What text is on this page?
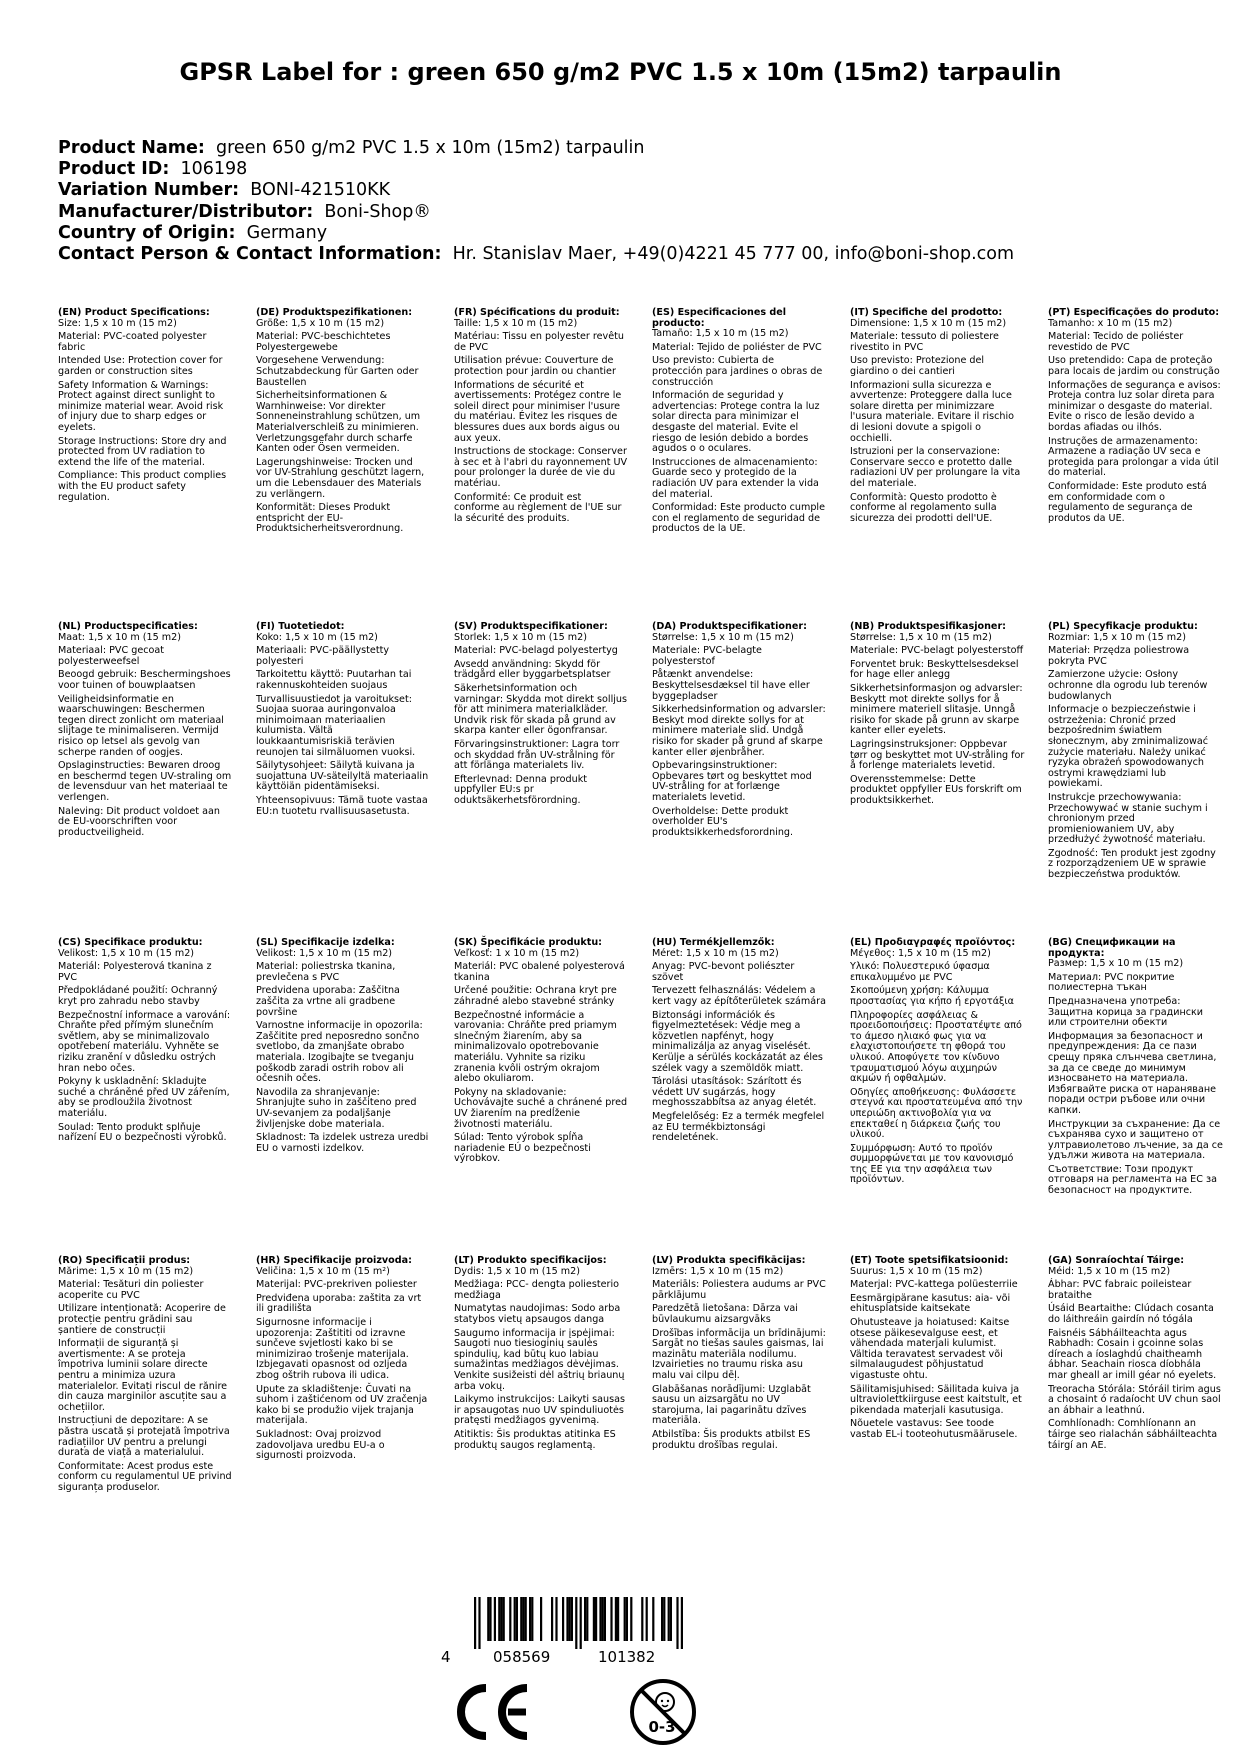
GPSR Label for : green 650 g/m2 PVC 1.5 x 10m (15m2) tarpaulin
Product Name: green 650 g/m2 PVC 1.5 x 10m (15m2) tarpaulin
Product ID: 106198
Variation Number: BONI-421510KK
Manufacturer/Distributor: Boni-Shop®
Country of Origin: Germany
Contact Person & Contact Information: Hr. Stanislav Maer, +49(0)4221 45 777 00, info@boni-shop.com
(EN) Product Specifications:
Size: 1,5 x 10 m (15 m2)
Material: PVC-coated polyester fabric
Intended Use: Protection cover for garden or construction sites
Safety Information & Warnings: Protect against direct sunlight to minimize material wear. Avoid risk of injury due to sharp edges or eyelets.
Storage Instructions: Store dry and protected from UV radiation to extend the life of the material.
Compliance: This product complies with the EU product safety regulation.
(DE) Produktspezifikationen:
Größe: 1,5 x 10 m (15 m2)
Material: PVC-beschichtetes Polyestergewebe
Vorgesehene Verwendung: Schutzabdeckung für Garten oder Baustellen
Sicherheitsinformationen & Warnhinweise: Vor direkter Sonneneinstrahlung schützen, um Materialverschleiß zu minimieren. Verletzungsgefahr durch scharfe Kanten oder Ösen vermeiden.
Lagerungshinweise: Trocken und vor UV-Strahlung geschützt lagern, um die Lebensdauer des Materials zu verlängern.
Konformität: Dieses Produkt entspricht der EU-Produktsicherheitsverordnung.
(FR) Spécifications du produit:
Taille: 1,5 x 10 m (15 m2)
Matériau: Tissu en polyester revêtu de PVC
Utilisation prévue: Couverture de protection pour jardin ou chantier
Informations de sécurité et avertissements: Protégez contre le soleil direct pour minimiser l'usure du matériau. Évitez les risques de blessures dues aux bords aigus ou aux yeux.
Instructions de stockage: Conserver à sec et à l'abri du rayonnement UV pour prolonger la durée de vie du matériau.
Conformité: Ce produit est conforme au règlement de l'UE sur la sécurité des produits.
(ES) Especificaciones del producto:
Tamaño: 1,5 x 10 m (15 m2)
Material: Tejido de poliéster de PVC
Uso previsto: Cubierta de protección para jardines o obras de construcción
Información de seguridad y advertencias: Protege contra la luz solar directa para minimizar el desgaste del material. Evite el riesgo de lesión debido a bordes agudos o o oculares.
Instrucciones de almacenamiento: Guarde seco y protegido de la radiación UV para extender la vida del material.
Conformidad: Este producto cumple con el reglamento de seguridad de productos de la UE.
(IT) Specifiche del prodotto:
Dimensione: 1,5 x 10 m (15 m2)
Materiale: tessuto di poliestere rivestito in PVC
Uso previsto: Protezione del giardino o dei cantieri
Informazioni sulla sicurezza e avvertenze: Proteggere dalla luce solare diretta per minimizzare l'usura materiale. Evitare il rischio di lesioni dovute a spigoli o occhielli.
Istruzioni per la conservazione: Conservare secco e protetto dalle radiazioni UV per prolungare la vita del materiale.
Conformità: Questo prodotto è conforme al regolamento sulla sicurezza dei prodotti dell'UE.
(PT) Especificações do produto:
Tamanho: x 10 m (15 m2)
Material: Tecido de poliéster revestido de PVC
Uso pretendido: Capa de proteção para locais de jardim ou construção
Informações de segurança e avisos: Proteja contra luz solar direta para minimizar o desgaste do material. Evite o risco de lesão devido a bordas afiadas ou ilhós.
Instruções de armazenamento: Armazene a radiação UV seca e protegida para prolongar a vida útil do material.
Conformidade: Este produto está em conformidade com o regulamento de segurança de produtos da UE.
(NL) Productspecificaties:
Maat: 1,5 x 10 m (15 m2)
Materiaal: PVC gecoat polyesterweefsel
Beoogd gebruik: Beschermingshoes voor tuinen of bouwplaatsen
Veiligheidsinformatie en waarschuwingen: Beschermen tegen direct zonlicht om materiaal slijtage te minimaliseren. Vermijd risico op letsel als gevolg van scherpe randen of oogjes.
Opslaginstructies: Bewaren droog en beschermd tegen UV-straling om de levensduur van het materiaal te verlengen.
Naleving: Dit product voldoet aan de EU-voorschriften voor productveiligheid.
(FI) Tuotetiedot:
Koko: 1,5 x 10 m (15 m2)
Materiaali: PVC-päällystetty polyesteri
Tarkoitettu käyttö: Puutarhan tai rakennuskohteiden suojaus
Turvallisuustiedot ja varoitukset: Suojaa suoraa auringonvaloa minimoimaan materiaalien kulumista. Vältä loukkaantumisriskiä terävien reunojen tai silmäluomen vuoksi.
Säilytysohjeet: Säilytä kuivana ja suojattuna UV-säteilyltä materiaalin käyttöiän pidentämiseksi.
Yhteensopivuus: Tämä tuote vastaa EU:n tuotetu rvallisuusasetusta.
(SV) Produktspecifikationer:
Storlek: 1,5 x 10 m (15 m2)
Material: PVC-belagd polyestertyg
Avsedd användning: Skydd för trädgård eller byggarbetsplatser
Säkerhetsinformation och varningar: Skydda mot direkt solljus för att minimera materialkläder. Undvik risk för skada på grund av skarpa kanter eller ögonfransar.
Förvaringsinstruktioner: Lagra torr och skyddad från UV-strålning för att förlänga materialets liv.
Efterlevnad: Denna produkt uppfyller EU:s pr oduktsäkerhetsförordning.
(DA) Produktspecifikationer:
Størrelse: 1,5 x 10 m (15 m2)
Materiale: PVC-belagte polyesterstof
Påtænkt anvendelse: Beskyttelsesdæksel til have eller byggepladser
Sikkerhedsinformation og advarsler: Beskyt mod direkte sollys for at minimere materiale slid. Undgå risiko for skader på grund af skarpe kanter eller øjenbråher.
Opbevaringsinstruktioner: Opbevares tørt og beskyttet mod UV-stråling for at forlænge materialets levetid.
Overholdelse: Dette produkt overholder EU's produktsikkerhedsforordning.
(NB) Produktspesifikasjoner:
Størrelse: 1,5 x 10 m (15 m2)
Materiale: PVC-belagt polyesterstoff
Forventet bruk: Beskyttelsesdeksel for hage eller anlegg
Sikkerhetsinformasjon og advarsler: Beskytt mot direkte sollys for å minimere materiell slitasje. Unngå risiko for skade på grunn av skarpe kanter eller eyelets.
Lagringsinstruksjoner: Oppbevar tørr og beskyttet mot UV-stråling for å forlenge materialets levetid.
Overensstemmelse: Dette produktet oppfyller EUs forskrift om produktsikkerhet.
(PL) Specyfikacje produktu:
Rozmiar: 1,5 x 10 m (15 m2)
Materiał: Przędza poliestrowa pokryta PVC
Zamierzone użycie: Osłony ochronne dla ogrodu lub terenów budowlanych
Informacje o bezpieczeństwie i ostrzeżenia: Chronić przed bezpośrednim światłem słonecznym, aby zminimalizować zużycie materiału. Należy unikać ryzyka obrażeń spowodowanych ostrymi krawędziami lub powiekami.
Instrukcje przechowywania: Przechowywać w stanie suchym i chronionym przed promieniowaniem UV, aby przedłużyć żywotność materiału.
Zgodność: Ten produkt jest zgodny z rozporządzeniem UE w sprawie bezpieczeństwa produktów.
(CS) Specifikace produktu:
Velikost: 1,5 x 10 m (15 m2)
Materiál: Polyesterová tkanina z PVC
Předpokládané použití: Ochranný kryt pro zahradu nebo stavby
Bezpečnostní informace a varování: Chraňte před přímým slunečním světlem, aby se minimalizovalo opotřebení materiálu. Vyhněte se riziku zranění v důsledku ostrých hran nebo očes.
Pokyny k uskladnění: Skladujte suché a chráněné před UV zářením, aby se prodloužila životnost materiálu.
Soulad: Tento produkt splňuje nařízení EU o bezpečnosti výrobků.
(SL) Specifikacije izdelka:
Velikost: 1,5 x 10 m (15 m2)
Material: poliestrska tkanina, prevlečena s PVC
Predvidena uporaba: Zaščitna zaščita za vrtne ali gradbene površine
Varnostne informacije in opozorila: Zaščitite pred neposredno sončno svetlobo, da zmanjšate obrabo materiala. Izogibajte se tveganju poškodb zaradi ostrih robov ali očesnih očes.
Navodila za shranjevanje: Shranjujte suho in zaščiteno pred UV-sevanjem za podaljšanje življenjske dobe materiala.
Skladnost: Ta izdelek ustreza uredbi EU o varnosti izdelkov.
(SK) Špecifikácie produktu:
Veľkosť: 1 x 10 m (15 m2)
Materiál: PVC obalené polyesterová tkanina
Určené použitie: Ochrana kryt pre záhradné alebo stavebné stránky
Bezpečnostné informácie a varovania: Chráňte pred priamym slnečným žiarením, aby sa minimalizovalo opotrebovanie materiálu. Vyhnite sa riziku zranenia kvôli ostrým okrajom alebo okuliarom.
Pokyny na skladovanie: Uchovávajte suché a chránené pred UV žiarením na predĺženie životnosti materiálu.
Súlad: Tento výrobok spĺňa nariadenie EÚ o bezpečnosti výrobkov.
(HU) Termékjellemzők:
Méret: 1,5 x 10 m (15 m2)
Anyag: PVC-bevont poliészter szövet
Tervezett felhasználás: Védelem a kert vagy az építőterületek számára
Biztonsági információk és figyelmeztetések: Védje meg a közvetlen napfényt, hogy minimalizálja az anyag viselését. Kerülje a sérülés kockázatát az éles szélek vagy a szemöldök miatt.
Tárolási utasítások: Szárított és védett UV sugárzás, hogy meghosszabbítsa az anyag életét.
Megfelelőség: Ez a termék megfelel az EU termékbiztonsági rendeletének.
(EL) Προδιαγραφές προϊόντος:
Μέγεθος: 1,5 x 10 m (15 m2)
Υλικό: Πολυεστερικό ύφασμα επικαλυμμένο με PVC
Σκοπούμενη χρήση: Κάλυμμα προστασίας για κήπο ή εργοτάξια
Πληροφορίες ασφάλειας & προειδοποιήσεις: Προστατέψτε από το άμεσο ηλιακό φως για να ελαχιστοποιήσετε τη φθορά του υλικού. Αποφύγετε τον κίνδυνο τραυματισμού λόγω αιχμηρών ακμών ή οφθαλμών.
Οδηγίες αποθήκευσης: Φυλάσσετε στεγνά και προστατευμένα από την υπεριώδη ακτινοβολία για να επεκταθεί η διάρκεια ζωής του υλικού.
Συμμόρφωση: Αυτό το προϊόν συμμορφώνεται με τον κανονισμό της ΕΕ για την ασφάλεια των προϊόντων.
(BG) Спецификации на продукта:
Размер: 1,5 x 10 m (15 m2)
Материал: PVC покритие полиестерна тъкан
Предназначена употреба: Защитна корица за градински или строителни обекти
Информация за безопасност и предупреждения: Да се пази срещу пряка слънчева светлина, за да се сведе до минимум износването на материала. Избягвайте риска от нараняване поради остри ръбове или очни капки.
Инструкции за съхранение: Да се съхранява сухо и защитено от ултравиолетово лъчение, за да се удължи живота на материала.
Съответствие: Този продукт отговаря на регламента на ЕС за безопасност на продуктите.
(RO) Specificații produs:
Mărime: 1,5 x 10 m (15 m2)
Material: Tesături din poliester acoperite cu PVC
Utilizare intenționată: Acoperire de protecție pentru grădini sau șantiere de construcții
Informații de siguranță și avertismente: A se proteja împotriva luminii solare directe pentru a minimiza uzura materialelor. Evitați riscul de rănire din cauza marginilor ascuțite sau a ochețiilor.
Instrucțiuni de depozitare: A se păstra uscată și protejată împotriva radiațiilor UV pentru a prelungi durata de viață a materialului.
Conformitate: Acest produs este conform cu regulamentul UE privind siguranța produselor.
(HR) Specifikacije proizvoda:
Veličina: 1,5 x 10 m (15 m²)
Materijal: PVC-prekriven poliester
Predviđena uporaba: zaštita za vrt ili gradilišta
Sigurnosne informacije i upozorenja: Zaštititi od izravne sunčeve svjetlosti kako bi se minimizirao trošenje materijala. Izbjegavati opasnost od ozljeda zbog oštrih rubova ili udica.
Upute za skladištenje: Čuvati na suhom i zaštićenom od UV zračenja kako bi se produžio vijek trajanja materijala.
Sukladnost: Ovaj proizvod zadovoljava uredbu EU-a o sigurnosti proizvoda.
(LT) Produkto specifikacijos:
Dydis: 1,5 x 10 m (15 m2)
Medžiaga: PCC- dengta poliesterio medžiaga
Numatytas naudojimas: Sodo arba statybos vietų apsaugos danga
Saugumo informacija ir įspėjimai: Saugoti nuo tiesioginių saulės spindulių, kad būtų kuo labiau sumažintas medžiagos dėvėjimas. Venkite susižeisti dėl aštrių briaunų arba vokų.
Laikymo instrukcijos: Laikyti sausas ir apsaugotas nuo UV spinduliuotės pratęsti medžiagos gyvenimą.
Atitiktis: Šis produktas atitinka ES produktų saugos reglamentą.
(LV) Produkta specifikācijas:
Izmērs: 1,5 x 10 m (15 m2)
Materiāls: Poliestera audums ar PVC pārklājumu
Paredzētā lietošana: Dārza vai būvlaukumu aizsargvāks
Drošības informācija un brīdinājumi: Sargāt no tiešas saules gaismas, lai mazinātu materiāla nodilumu. Izvairieties no traumu riska asu malu vai cilpu dēļ.
Glabāšanas norādījumi: Uzglabāt sausu un aizsargātu no UV starojuma, lai pagarinātu dzīves materiāla.
Atbilstība: Šis produkts atbilst ES produktu drošības regulai.
(ET) Toote spetsifikatsioonid:
Suurus: 1,5 x 10 m (15 m2)
Materjal: PVC-kattega polüesterriie
Eesmärgipärane kasutus: aia- või ehitusplatside kaitsekate
Ohutusteave ja hoiatused: Kaitse otsese päikesevalguse eest, et vähendada materjali kulumist. Vältida teravatest servadest või silmalaugudest põhjustatud vigastuste ohtu.
Säilitamisjuhised: Säilitada kuiva ja ultraviolettkiirguse eest kaitstult, et pikendada materjali kasutusiga.
Nõuetele vastavus: See toode vastab EL-i tooteohutusmäärusele.
(GA) Sonraíochtaí Táirge:
Méid: 1,5 x 10 m (15 m2)
Ábhar: PVC fabraic poileistear brataithe
Úsáid Beartaithe: Clúdach cosanta do láithreáin gairdín nó tógála
Faisnéis Sábháilteachta agus Rabhadh: Cosain i gcoinne solas díreach a íoslaghdú chaitheamh ábhar. Seachain riosca díobhála mar gheall ar imill géar nó eyelets.
Treoracha Stórála: Stóráil tirim agus a chosaint ó radaíocht UV chun saol an ábhair a leathnú.
Comhlíonadh: Comhlíonann an táirge seo rialachán sábháilteachta táirgí an AE.
4	058569	101382
0-3
